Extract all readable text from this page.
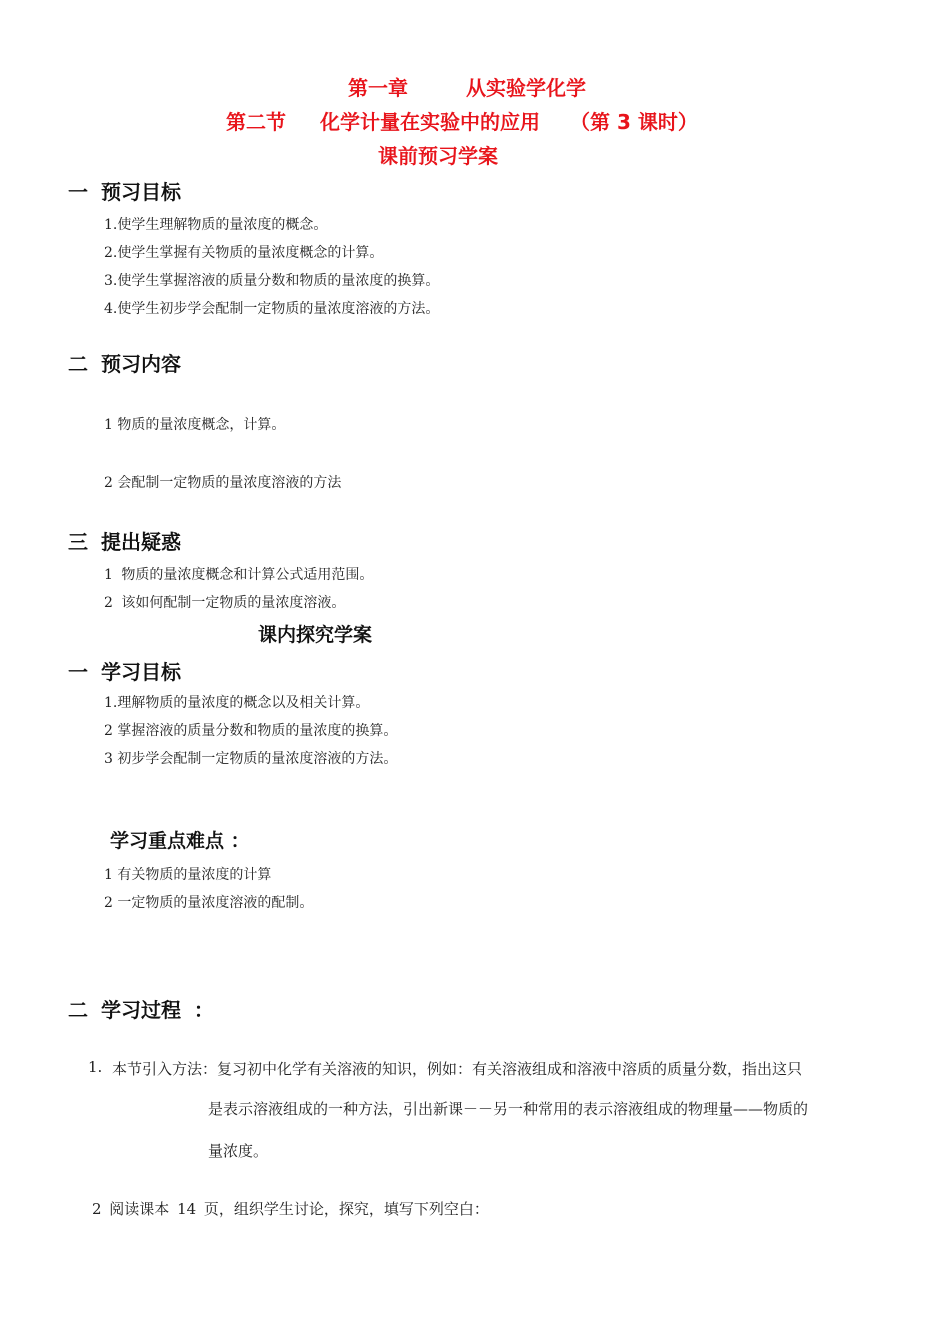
第一章	从实验学化学
第二节 化学计量在实验中的应用 （第 3 课时）
课前预习学案
一 预习目标
1.使学生理解物质的量浓度的概念。
2.使学生掌握有关物质的量浓度概念的计算。
3.使学生掌握溶液的质量分数和物质的量浓度的换算。
4.使学生初步学会配制一定物质的量浓度溶液的方法。
二 预习内容
1 物质的量浓度概念，计算。
2 会配制一定物质的量浓度溶液的方法
三 提出疑惑
1 物质的量浓度概念和计算公式适用范围。
2 该如何配制一定物质的量浓度溶液。
课内探究学案
一 学习目标
1.理解物质的量浓度的概念以及相关计算。
2 掌握溶液的质量分数和物质的量浓度的换算。
3 初步学会配制一定物质的量浓度溶液的方法。
学习重点难点 ：
1 有关物质的量浓度的计算
2 一定物质的量浓度溶液的配制。
二 学习过程 ：
1. 本节引入方法：复习初中化学有关溶液的知识，例如：有关溶液组成和溶液中溶质的质量分数，指出这只
是表示溶液组成的一种方法，引出新课－－另一种常用的表示溶液组成的物理量——物质的
量浓度。
2 阅读课本 14 页，组织学生讨论，探究，填写下列空白：
